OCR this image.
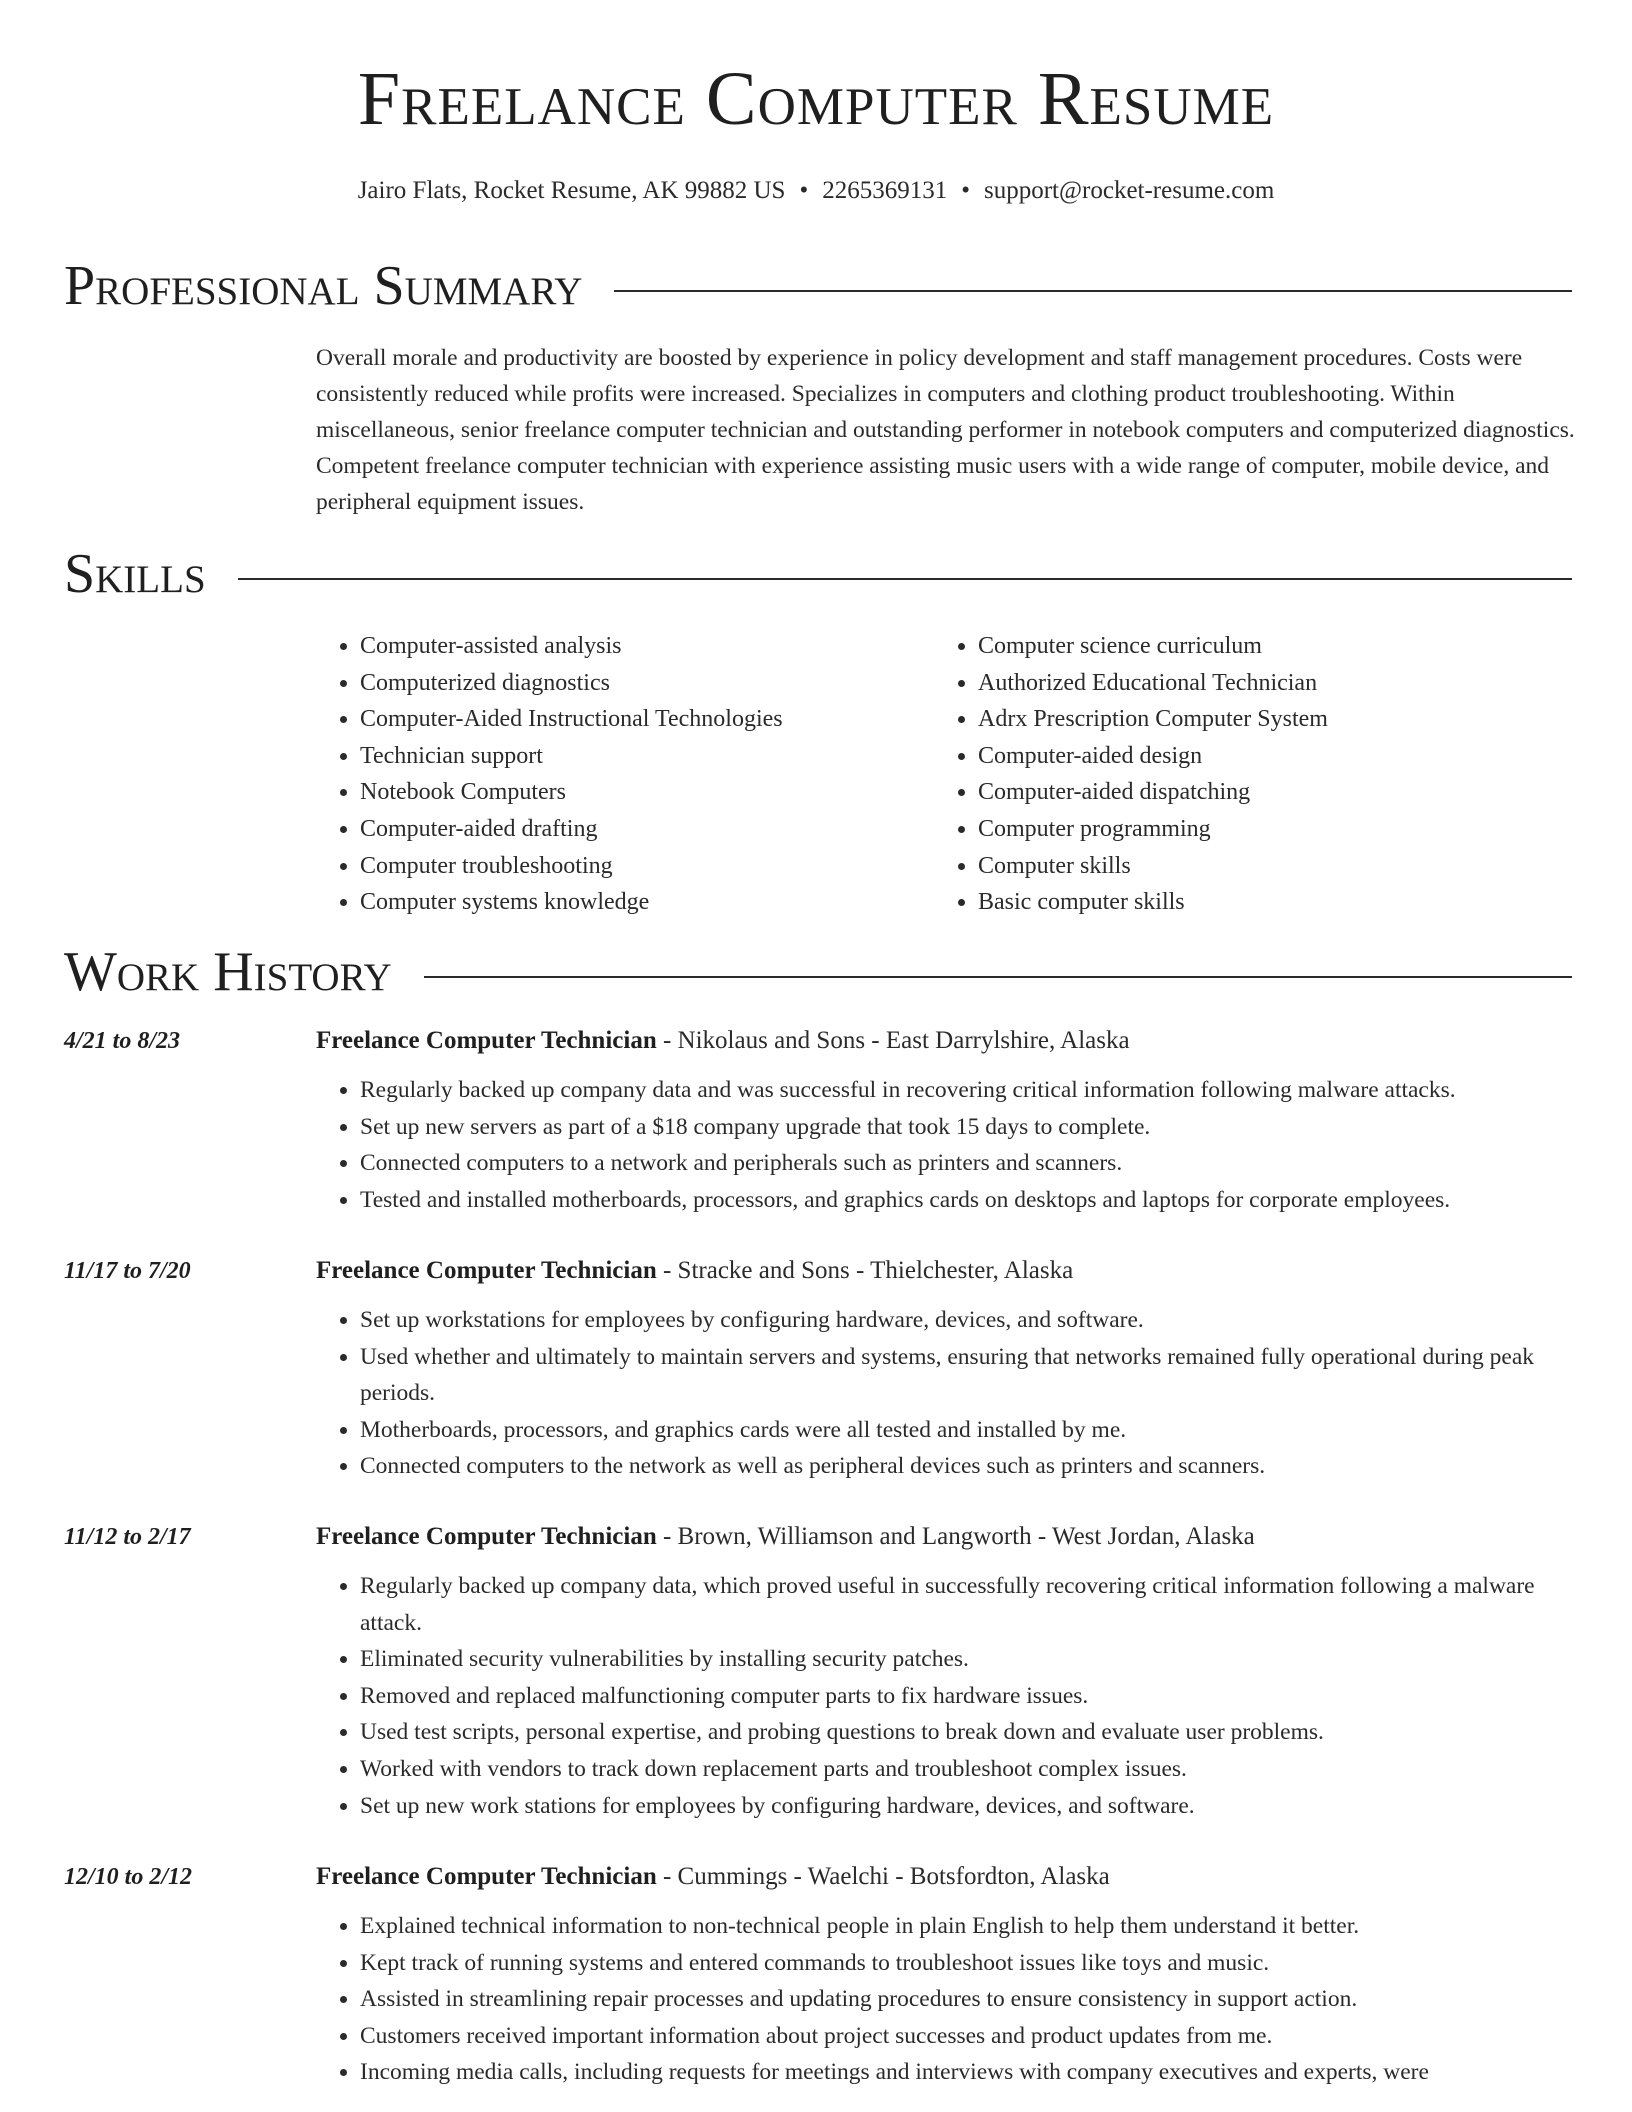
Freelance Computer Resume
Jairo Flats, Rocket Resume, AK 99882 US • 2265369131 • support@rocket-resume.com
Professional Summary
Overall morale and productivity are boosted by experience in policy development and staff management procedures. Costs were consistently reduced while profits were increased. Specializes in computers and clothing product troubleshooting. Within miscellaneous, senior freelance computer technician and outstanding performer in notebook computers and computerized diagnostics. Competent freelance computer technician with experience assisting music users with a wide range of computer, mobile device, and peripheral equipment issues.
Skills
• Computer-assisted analysis
• Computerized diagnostics
• Computer-Aided Instructional Technologies
• Technician support
• Notebook Computers
• Computer-aided drafting
• Computer troubleshooting
• Computer systems knowledge
• Computer science curriculum
• Authorized Educational Technician
• Adrx Prescription Computer System
• Computer-aided design
• Computer-aided dispatching
• Computer programming
• Computer skills
• Basic computer skills
Work History
4/21 to 8/23	Freelance Computer Technician - Nikolaus and Sons - East Darrylshire, Alaska
• Regularly backed up company data and was successful in recovering critical information following malware attacks.
• Set up new servers as part of a $18 company upgrade that took 15 days to complete.
• Connected computers to a network and peripherals such as printers and scanners.
• Tested and installed motherboards, processors, and graphics cards on desktops and laptops for corporate employees.
11/17 to 7/20	Freelance Computer Technician - Stracke and Sons - Thielchester, Alaska
• Set up workstations for employees by configuring hardware, devices, and software.
• Used whether and ultimately to maintain servers and systems, ensuring that networks remained fully operational during peak periods.
• Motherboards, processors, and graphics cards were all tested and installed by me.
• Connected computers to the network as well as peripheral devices such as printers and scanners.
11/12 to 2/17	Freelance Computer Technician - Brown, Williamson and Langworth - West Jordan, Alaska
• Regularly backed up company data, which proved useful in successfully recovering critical information following a malware attack.
• Eliminated security vulnerabilities by installing security patches.
• Removed and replaced malfunctioning computer parts to fix hardware issues.
• Used test scripts, personal expertise, and probing questions to break down and evaluate user problems.
• Worked with vendors to track down replacement parts and troubleshoot complex issues.
• Set up new work stations for employees by configuring hardware, devices, and software.
12/10 to 2/12	Freelance Computer Technician - Cummings - Waelchi - Botsfordton, Alaska
• Explained technical information to non-technical people in plain English to help them understand it better.
• Kept track of running systems and entered commands to troubleshoot issues like toys and music.
• Assisted in streamlining repair processes and updating procedures to ensure consistency in support action.
• Customers received important information about project successes and product updates from me.
• Incoming media calls, including requests for meetings and interviews with company executives and experts, were
